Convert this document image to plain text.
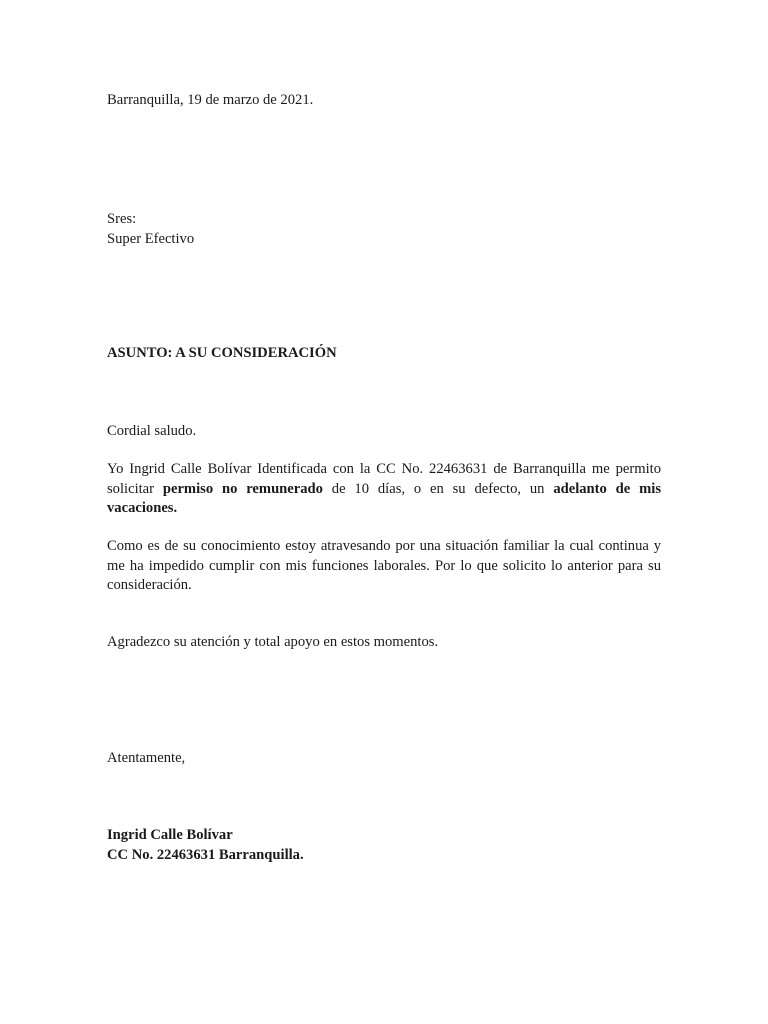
Barranquilla, 19 de marzo de 2021.

Sres:
Super Efectivo

ASUNTO: A SU CONSIDERACIÓN

Cordial saludo.

Yo Ingrid Calle Bolívar Identificada con la CC No. 22463631 de Barranquilla me permito solicitar permiso no remunerado de 10 días, o en su defecto, un adelanto de mis vacaciones.

Como es de su conocimiento estoy atravesando por una situación familiar la cual continua y me ha impedido cumplir con mis funciones laborales. Por lo que solicito lo anterior para su consideración.

Agradezco su atención y total apoyo en estos momentos.

Atentamente,

Ingrid Calle Bolívar
CC No. 22463631 Barranquilla.
